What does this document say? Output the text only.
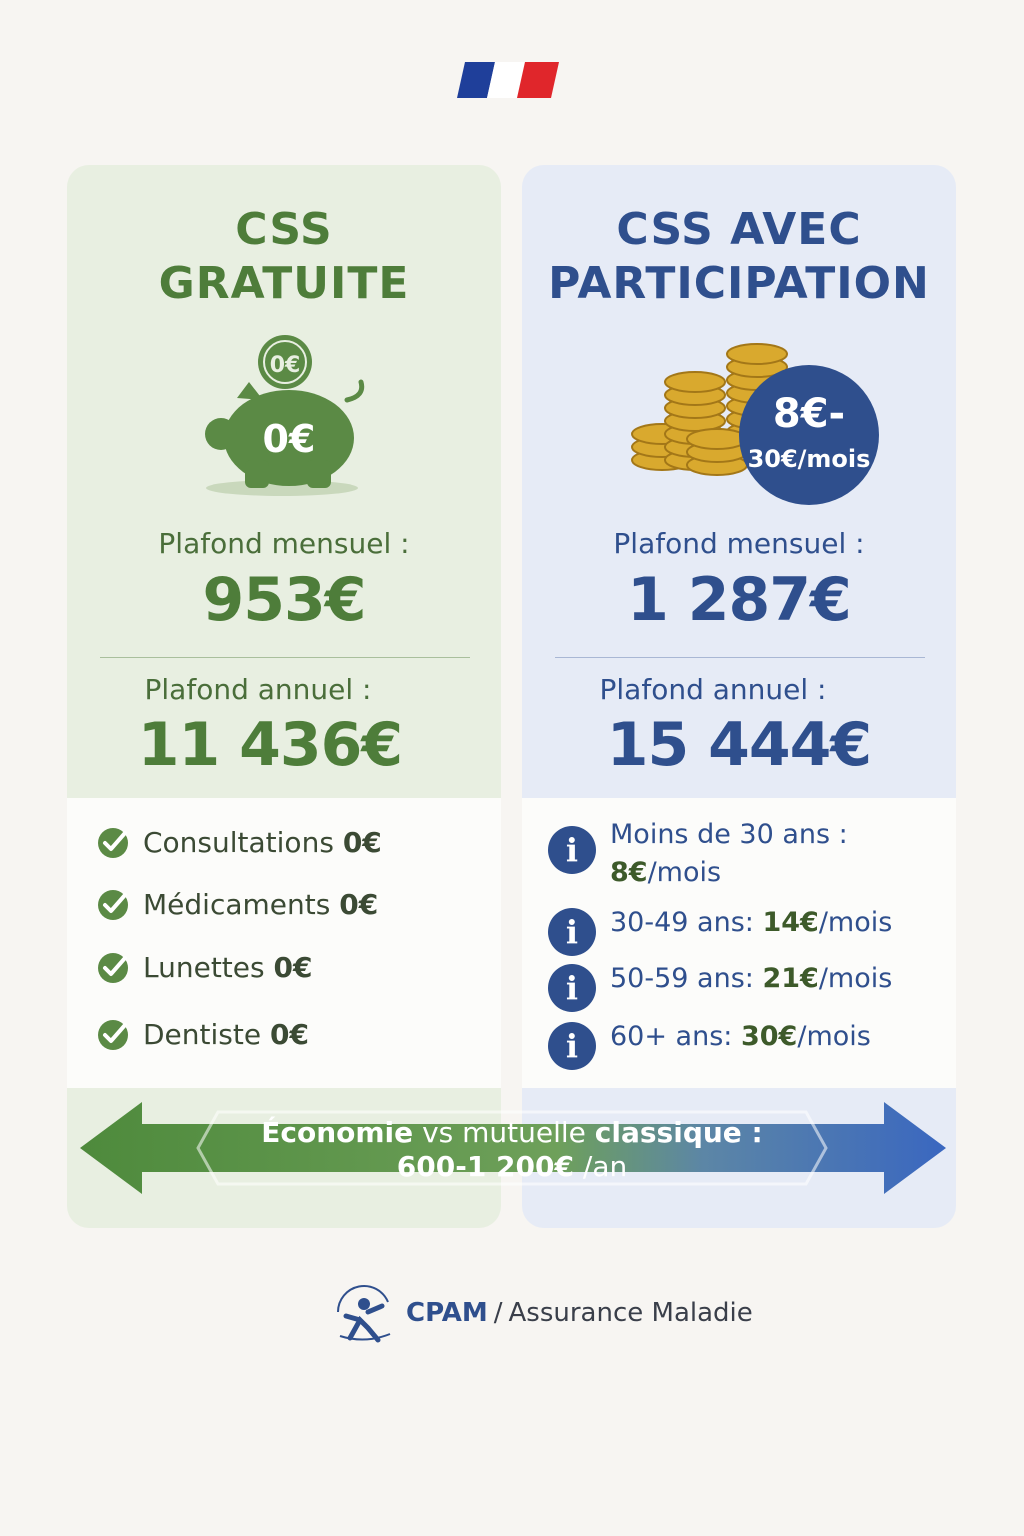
CSS
GRATUITE
0€
0€
Plafond mensuel :
953€
Plafond annuel :
11 436€
Consultations 0€
Médicaments 0€
Lunettes 0€
Dentiste 0€
CSS AVEC
PARTICIPATION
8€-
30€/mois
Plafond mensuel :
1 287€
Plafond annuel :
15 444€
i	Moins de 30 ans :
8€/mois
i	30-49 ans: 14€/mois
i	50-59 ans: 21€/mois
i	60+ ans: 30€/mois
Économie vs mutuelle classique :
600-1 200€ /an
CPAM / Assurance Maladie
